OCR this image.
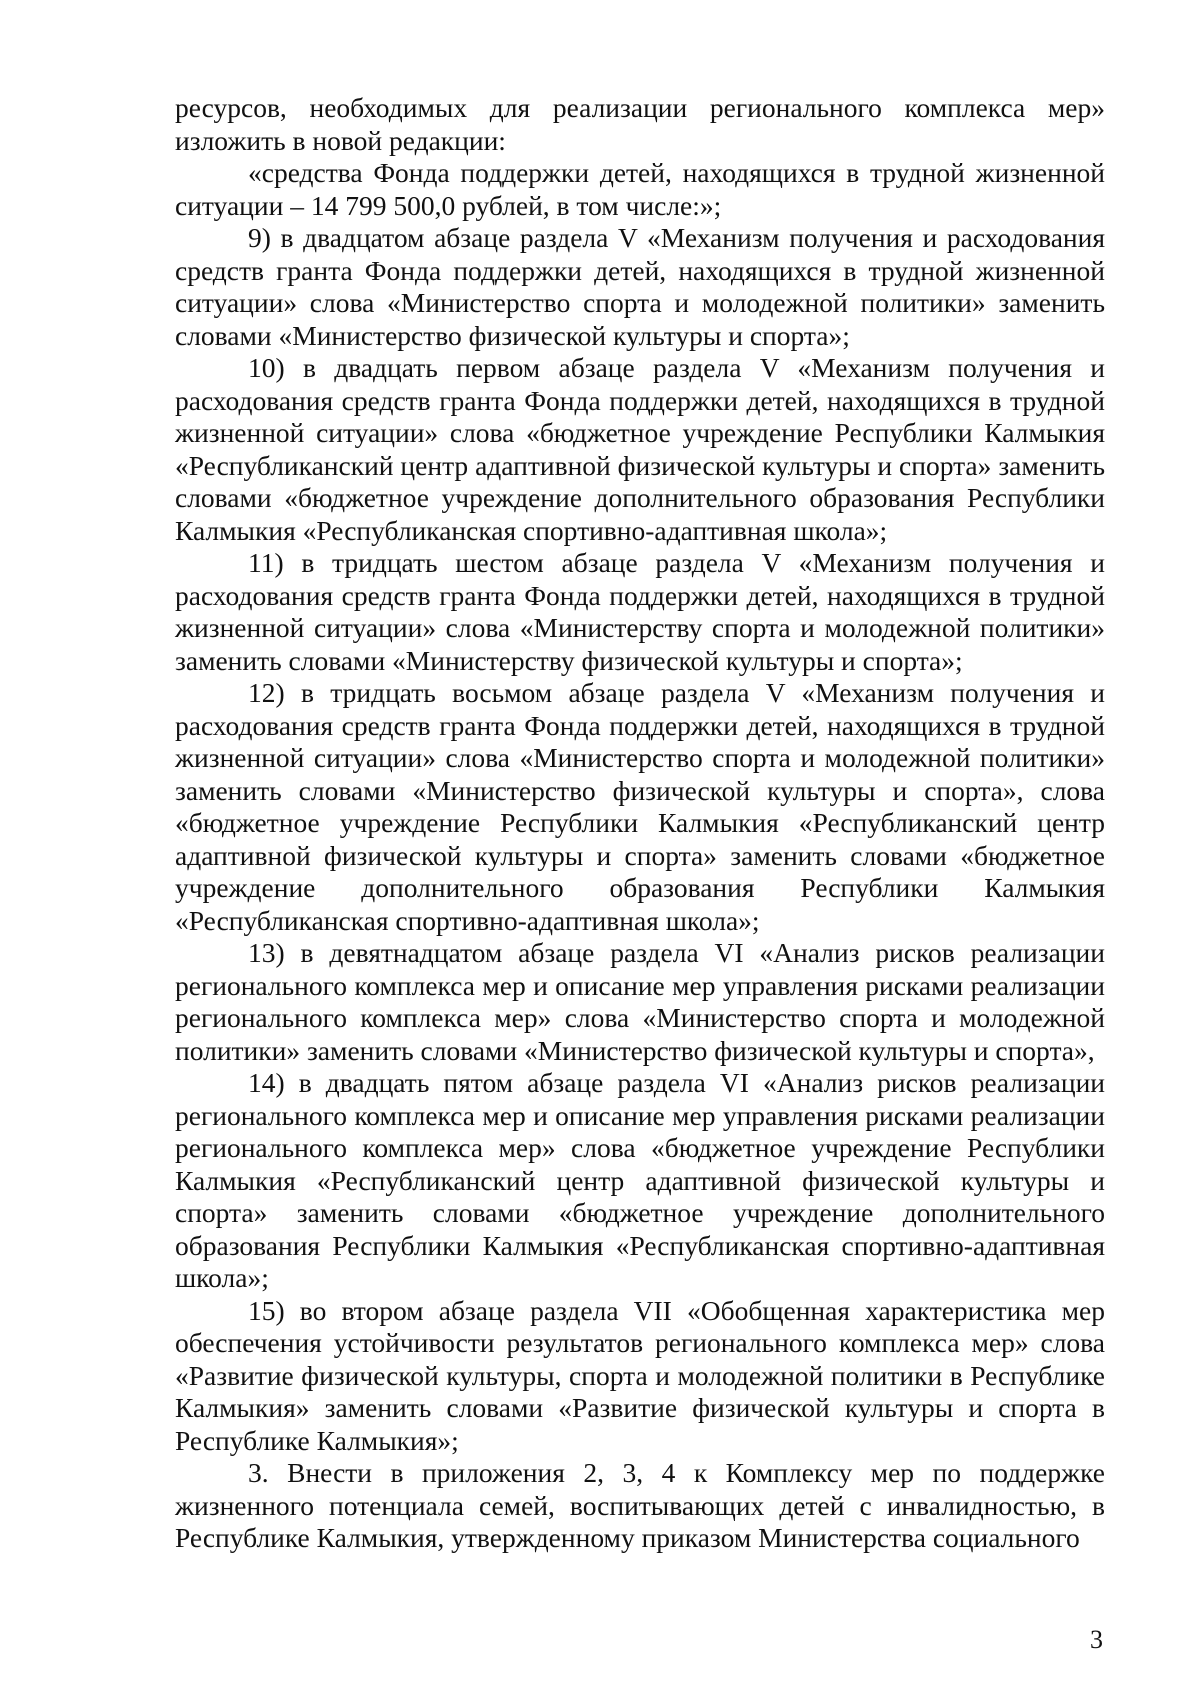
ресурсов, необходимых для реализации регионального комплекса мер» изложить в новой редакции:

«средства Фонда поддержки детей, находящихся в трудной жизненной ситуации – 14 799 500,0 рублей, в том числе:»;

9) в двадцатом абзаце раздела V «Механизм получения и расходования средств гранта Фонда поддержки детей, находящихся в трудной жизненной ситуации» слова «Министерство спорта и молодежной политики» заменить словами «Министерство физической культуры и спорта»;

10) в двадцать первом абзаце раздела V «Механизм получения и расходования средств гранта Фонда поддержки детей, находящихся в трудной жизненной ситуации» слова «бюджетное учреждение Республики Калмыкия «Республиканский центр адаптивной физической культуры и спорта» заменить словами «бюджетное учреждение дополнительного образования Республики Калмыкия «Республиканская спортивно-адаптивная школа»;

11) в тридцать шестом абзаце раздела V «Механизм получения и расходования средств гранта Фонда поддержки детей, находящихся в трудной жизненной ситуации» слова «Министерству спорта и молодежной политики» заменить словами «Министерству физической культуры и спорта»;

12) в тридцать восьмом абзаце раздела V «Механизм получения и расходования средств гранта Фонда поддержки детей, находящихся в трудной жизненной ситуации» слова «Министерство спорта и молодежной политики» заменить словами «Министерство физической культуры и спорта», слова «бюджетное учреждение Республики Калмыкия «Республиканский центр адаптивной физической культуры и спорта» заменить словами «бюджетное учреждение дополнительного образования Республики Калмыкия «Республиканская спортивно-адаптивная школа»;

13) в девятнадцатом абзаце раздела VI «Анализ рисков реализации регионального комплекса мер и описание мер управления рисками реализации регионального комплекса мер» слова «Министерство спорта и молодежной политики» заменить словами «Министерство физической культуры и спорта»,

14) в двадцать пятом абзаце раздела VI «Анализ рисков реализации регионального комплекса мер и описание мер управления рисками реализации регионального комплекса мер» слова «бюджетное учреждение Республики Калмыкия «Республиканский центр адаптивной физической культуры и спорта» заменить словами «бюджетное учреждение дополнительного образования Республики Калмыкия «Республиканская спортивно-адаптивная школа»;

15) во втором абзаце раздела VII «Обобщенная характеристика мер обеспечения устойчивости результатов регионального комплекса мер» слова «Развитие физической культуры, спорта и молодежной политики в Республике Калмыкия» заменить словами «Развитие физической культуры и спорта в Республике Калмыкия»;

3. Внести в приложения 2, 3, 4 к Комплексу мер по поддержке жизненного потенциала семей, воспитывающих детей с инвалидностью, в Республике Калмыкия, утвержденному приказом Министерства социального

3
